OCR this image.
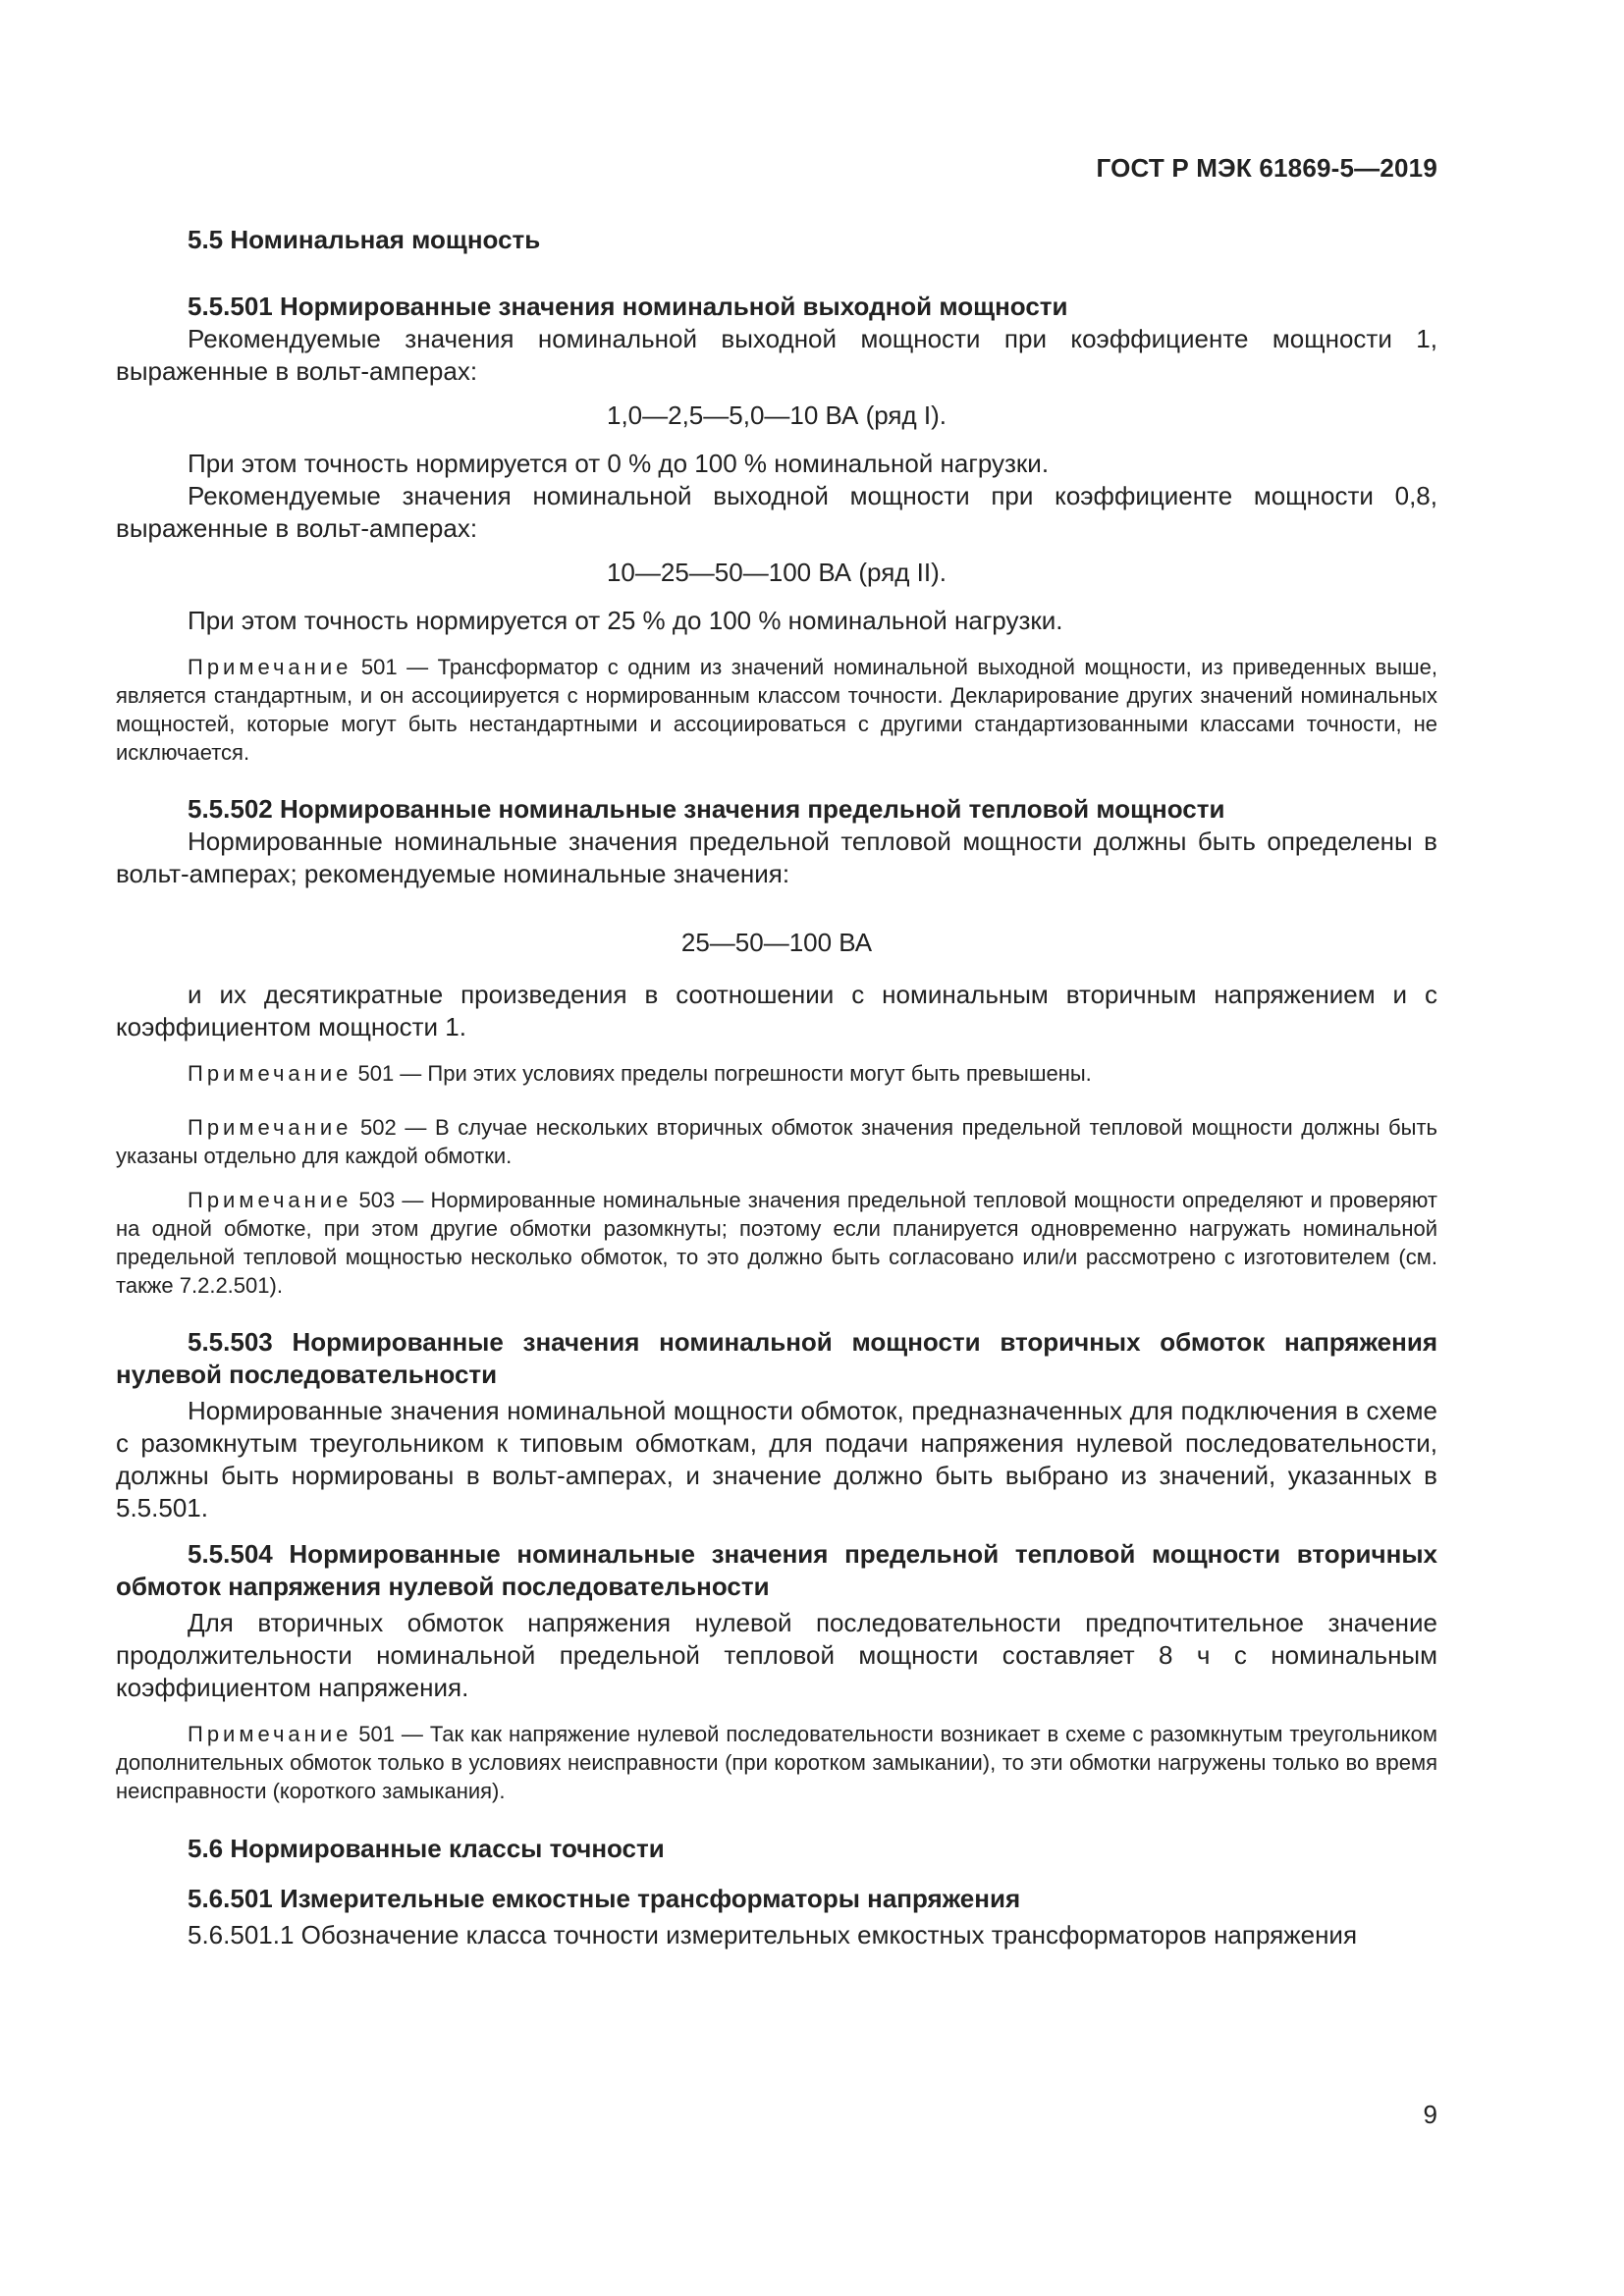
ГОСТ Р МЭК 61869-5—2019
5.5 Номинальная мощность
5.5.501 Нормированные значения номинальной выходной мощности

Рекомендуемые значения номинальной выходной мощности при коэффициенте мощности 1, выраженные в вольт-амперах:

1,0—2,5—5,0—10 ВА (ряд I).

При этом точность нормируется от 0 % до 100 % номинальной нагрузки.

Рекомендуемые значения номинальной выходной мощности при коэффициенте мощности 0,8, выраженные в вольт-амперах:

10—25—50—100 ВА (ряд II).

При этом точность нормируется от 25 % до 100 % номинальной нагрузки.

Примечание 501 — Трансформатор с одним из значений номинальной выходной мощности, из приведенных выше, является стандартным, и он ассоциируется с нормированным классом точности. Декларирование других значений номинальных мощностей, которые могут быть нестандартными и ассоциироваться с другими стандартизованными классами точности, не исключается.

5.5.502 Нормированные номинальные значения предельной тепловой мощности

Нормированные номинальные значения предельной тепловой мощности должны быть определены в вольт-амперах; рекомендуемые номинальные значения:

25—50—100 ВА

и их десятикратные произведения в соотношении с номинальным вторичным напряжением и с коэффициентом мощности 1.

Примечание 501 — При этих условиях пределы погрешности могут быть превышены.

Примечание 502 — В случае нескольких вторичных обмоток значения предельной тепловой мощности должны быть указаны отдельно для каждой обмотки.

Примечание 503 — Нормированные номинальные значения предельной тепловой мощности определяют и проверяют на одной обмотке, при этом другие обмотки разомкнуты; поэтому если планируется одновременно нагружать номинальной предельной тепловой мощностью несколько обмоток, то это должно быть согласовано или/и рассмотрено с изготовителем (см. также 7.2.2.501).

5.5.503 Нормированные значения номинальной мощности вторичных обмоток напряжения нулевой последовательности

Нормированные значения номинальной мощности обмоток, предназначенных для подключения в схеме с разомкнутым треугольником к типовым обмоткам, для подачи напряжения нулевой последовательности, должны быть нормированы в вольт-амперах, и значение должно быть выбрано из значений, указанных в 5.5.501.

5.5.504 Нормированные номинальные значения предельной тепловой мощности вторичных обмоток напряжения нулевой последовательности

Для вторичных обмоток напряжения нулевой последовательности предпочтительное значение продолжительности номинальной предельной тепловой мощности составляет 8 ч с номинальным коэффициентом напряжения.

Примечание 501 — Так как напряжение нулевой последовательности возникает в схеме с разомкнутым треугольником дополнительных обмоток только в условиях неисправности (при коротком замыкании), то эти обмотки нагружены только во время неисправности (короткого замыкания).

5.6 Нормированные классы точности
5.6.501 Измерительные емкостные трансформаторы напряжения

5.6.501.1 Обозначение класса точности измерительных емкостных трансформаторов напряжения

9
